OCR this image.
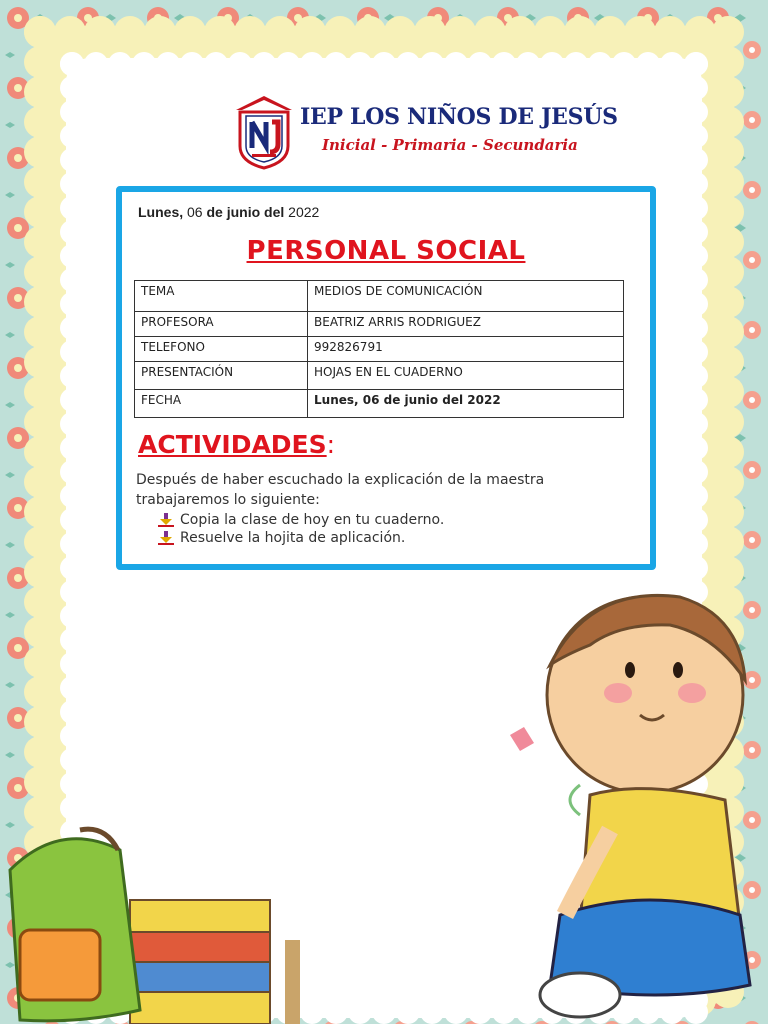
IEP LOS NIÑOS DE JESÚS
Inicial - Primaria - Secundaria
Lunes, 06 de junio del 2022
PERSONAL SOCIAL
TEMA	MEDIOS DE COMUNICACIÓN
PROFESORA	BEATRIZ ARRIS RODRIGUEZ
TELEFONO	992826791
PRESENTACIÓN	HOJAS EN EL CUADERNO
FECHA	Lunes, 06 de junio del 2022
ACTIVIDADES:
Después de haber escuchado la explicación de la maestra trabajaremos lo siguiente:
Copia la clase de hoy en tu cuaderno.
Resuelve la hojita de aplicación.
